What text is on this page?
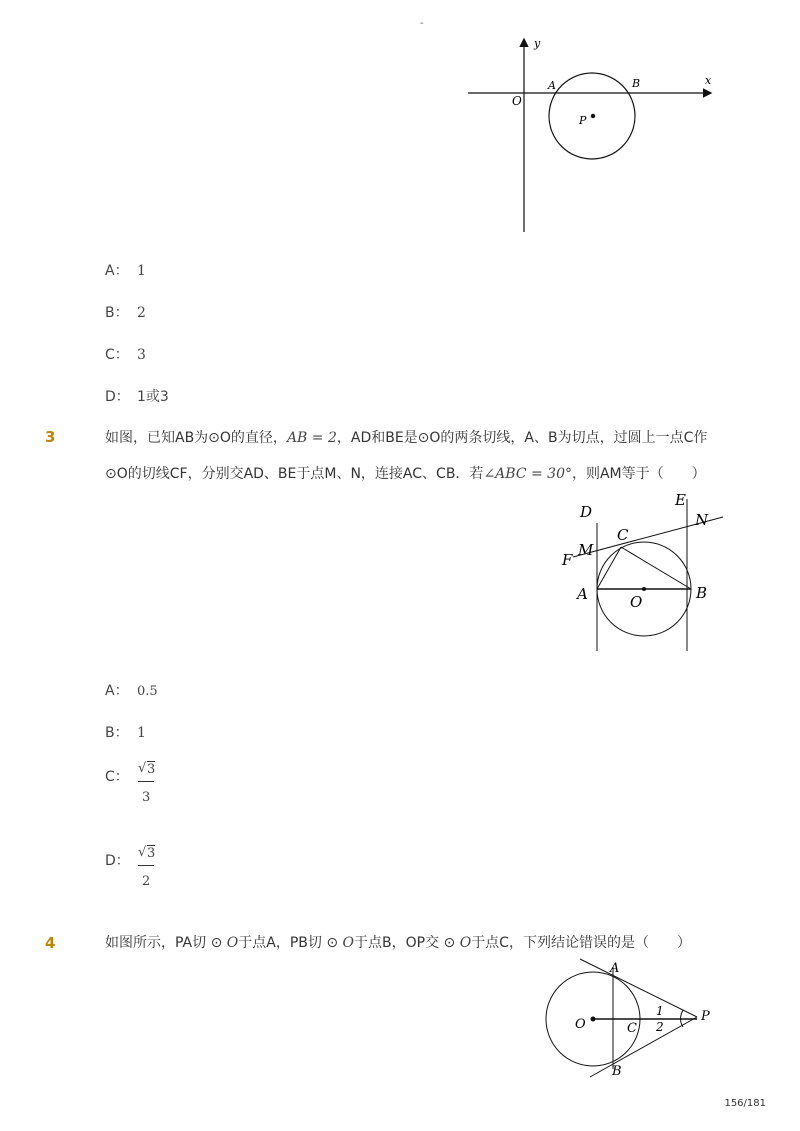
-
y
x
O
A	B
P
A： 1
B： 2
C： 3
D： 1或3
3	如图，已知AB为⊙O的直径，AB = 2，AD和BE是⊙O的两条切线，A、B为切点，过圆上一点C作
⊙O的切线CF，分别交AD、BE于点M、N，连接AC、CB．若∠ABC = 30°，则AM等于（　　）
D
E
N
C
M
F
A	O	B
A： 0.5
B： 1
C：	√ 3
3
D：	√ 3
2
4	如图所示，PA切 ⊙ O于点A，PB切 ⊙ O于点B，OP交 ⊙ O于点C，下列结论错误的是（　　）
A
O	C
1
2
P
B
156/181
